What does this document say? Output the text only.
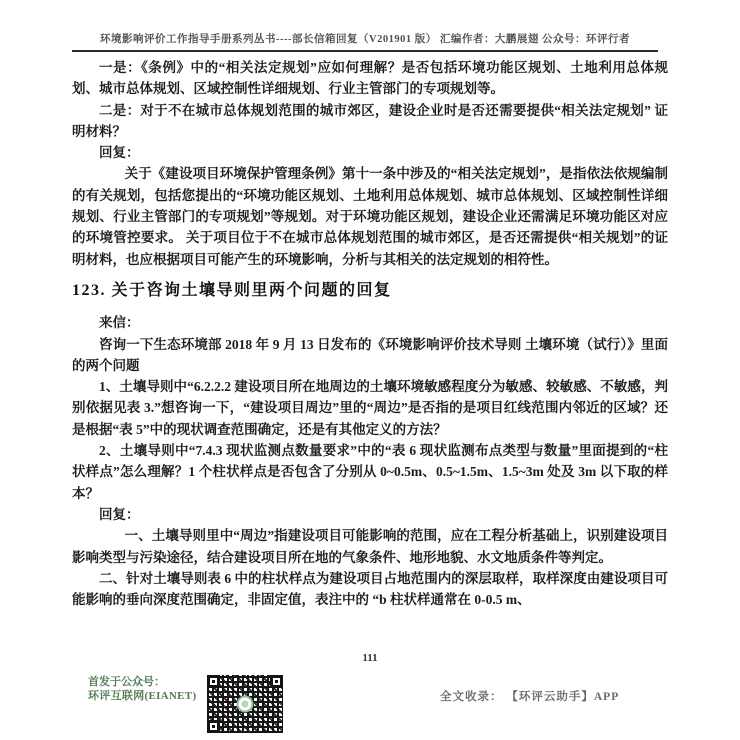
环境影响评价工作指导手册系列丛书----部长信箱回复（V201901 版） 汇编作者：大鹏展翅 公众号：环评行者

一是：《条例》中的“相关法定规划”应如何理解？是否包括环境功能区规划、土地利用总体规划、城市总体规划、区域控制性详细规划、行业主管部门的专项规划等。

二是：对于不在城市总体规划范围的城市郊区，建设企业时是否还需要提供“相关法定规划” 证明材料？

回复：

关于《建设项目环境保护管理条例》第十一条中涉及的“相关法定规划”，是指依法依规编制的有关规划，包括您提出的“环境功能区规划、土地利用总体规划、城市总体规划、区域控制性详细规划、行业主管部门的专项规划”等规划。对于环境功能区规划，建设企业还需满足环境功能区对应的环境管控要求。 关于项目位于不在城市总体规划范围的城市郊区，是否还需提供“相关规划”的证明材料，也应根据项目可能产生的环境影响，分析与其相关的法定规划的相符性。

123. 关于咨询土壤导则里两个问题的回复

来信：

咨询一下生态环境部 2018 年 9 月 13 日发布的《环境影响评价技术导则 土壤环境（试行）》里面的两个问题

1、土壤导则中“6.2.2.2 建设项目所在地周边的土壤环境敏感程度分为敏感、较敏感、不敏感，判别依据见表 3.”想咨询一下，“建设项目周边”里的“周边”是否指的是项目红线范围内邻近的区域？还是根据“表 5”中的现状调查范围确定，还是有其他定义的方法？

2、土壤导则中“7.4.3 现状监测点数量要求”中的“表 6 现状监测布点类型与数量”里面提到的“柱状样点”怎么理解？1 个柱状样点是否包含了分别从 0~0.5m、0.5~1.5m、1.5~3m 处及 3m 以下取的样本？

回复：

一、土壤导则里中“周边”指建设项目可能影响的范围，应在工程分析基础上，识别建设项目影响类型与污染途径，结合建设项目所在地的气象条件、地形地貌、水文地质条件等判定。

二、针对土壤导则表 6 中的柱状样点为建设项目占地范围内的深层取样，取样深度由建设项目可能影响的垂向深度范围确定，非固定值，表注中的 “b 柱状样通常在 0-0.5 m、

111
首发于公众号：
环评互联网(EIANET)	全文收录： 【环评云助手】APP
